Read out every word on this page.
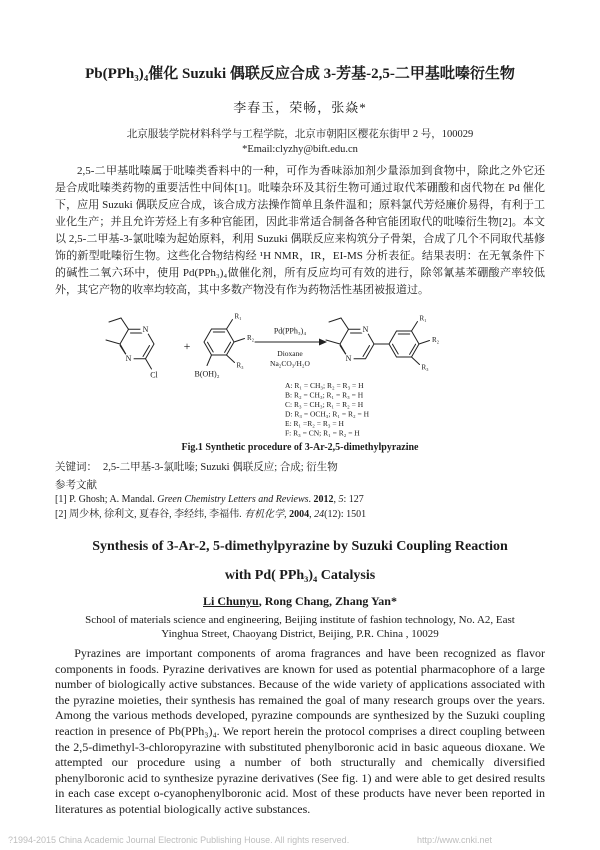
Pb(PPh₃)₄催化 Suzuki 偶联反应合成 3-芳基-2,5-二甲基吡嗪衍生物
李春玉，荣畅，张焱*
北京服装学院材料科学与工程学院，北京市朝阳区樱花东街甲 2 号，100029
*Email:clyzhy@bift.edu.cn

2,5-二甲基吡嗪属于吡嗪类香料中的一种，可作为香味添加剂少量添加到食物中，除此之外它还是合成吡嗪类药物的重要活性中间体[1]。吡嗪杂环及其衍生物可通过取代苯硼酸和卤代物在 Pd 催化下，应用 Suzuki 偶联反应合成，该合成方法操作简单且条件温和；原料氯代芳烃廉价易得，有利于工业化生产；并且允许芳烃上有多种官能团，因此非常适合制备各种官能团取代的吡嗪衍生物[2]。本文以 2,5-二甲基-3-氯吡嗪为起始原料，利用 Suzuki 偶联反应来构筑分子骨架，合成了几个不同取代基修饰的新型吡嗪衍生物。这些化合物结构经 ¹H NMR，IR，EI-MS 分析表征。结果表明：在无氧条件下的碱性二氧六环中，使用 Pd(PPh₃)₄做催化剂，所有反应均可有效的进行，除邻氰基苯硼酸产率较低外，其它产物的收率均较高，其中多数产物没有作为药物活性基团被报道过。

N
N
Cl
+
R₁
R₂
R₃
B(OH)₂
Pd(PPh₃)₄
Dioxane
Na₂CO₃/H₂O
N
N
R₁
R₂
R₃
A: R₁ = CH₃; R₂ = R₃ = H
B: R₂ = CH₃; R₁ = R₃ = H
C: R₃ = CH₃; R₁ = R₂ = H
D: R₃ = OCH₃; R₁ = R₂ = H
E: R₁ =R₂ = R₃ = H
F: R₃ = CN; R₁ = R₂ = H
Fig.1 Synthetic procedure of 3-Ar-2,5-dimethylpyrazine
关键词： 2,5-二甲基-3-氯吡嗪; Suzuki 偶联反应; 合成; 衍生物
参考文献
[1] P. Ghosh; A. Mandal. Green Chemistry Letters and Reviews. 2012, 5: 127
[2] 周少林, 徐利文, 夏春谷, 李经纬, 李福伟. 有机化学, 2004, 24(12): 1501
Synthesis of 3-Ar-2, 5-dimethylpyrazine by Suzuki Coupling Reaction
with Pd( PPh₃)₄ Catalysis
Li Chunyu, Rong Chang, Zhang Yan*
School of materials science and engineering, Beijing institute of fashion technology, No. A2, East Yinghua Street, Chaoyang District, Beijing, P.R. China , 10029

Pyrazines are important components of aroma fragrances and have been recognized as flavor components in foods. Pyrazine derivatives are known for used as potential pharmacophore of a large number of biologically active substances. Because of the wide variety of applications associated with the pyrazine moieties, their synthesis has remained the goal of many research groups over the years. Among the various methods developed, pyrazine compounds are synthesized by the Suzuki coupling reaction in presence of Pb(PPh₃)₄. We report herein the protocol comprises a direct coupling between the 2,5-dimethyl-3-chloropyrazine with substituted phenylboronic acid in basic aqueous dioxane. We attempted our procedure using a number of both structurally and chemically diversified phenylboronic acid to synthesize pyrazine derivatives (See fig. 1) and were able to get desired results in each case except o-cyanophenylboronic acid. Most of these products have never been reported in literatures as potential biologically active substances.

?1994-2015 China Academic Journal Electronic Publishing House. All rights reserved.	http://www.cnki.net
